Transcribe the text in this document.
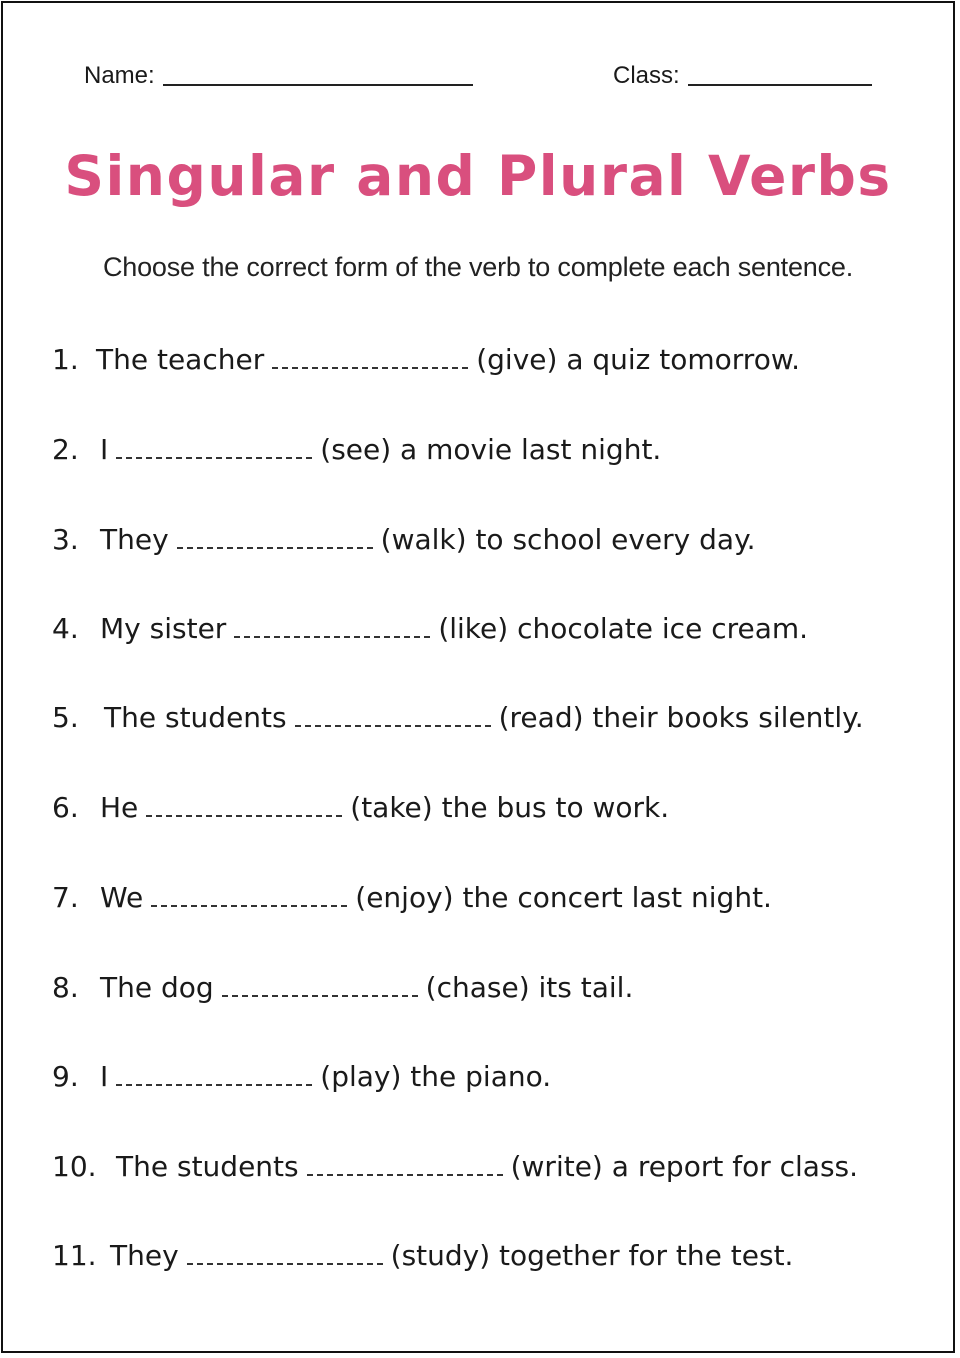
Name:	Class:
Singular and Plural Verbs
Choose the correct form of the verb to complete each sentence.
1. The teacher	(give) a quiz tomorrow.
2. I	(see) a movie last night.
3. They	(walk) to school every day.
4. My sister	(like) chocolate ice cream.
5. The students	(read) their books silently.
6. He	(take) the bus to work.
7. We	(enjoy) the concert last night.
8. The dog	(chase) its tail.
9. I	(play) the piano.
10. The students	(write) a report for class.
11. They	(study) together for the test.
